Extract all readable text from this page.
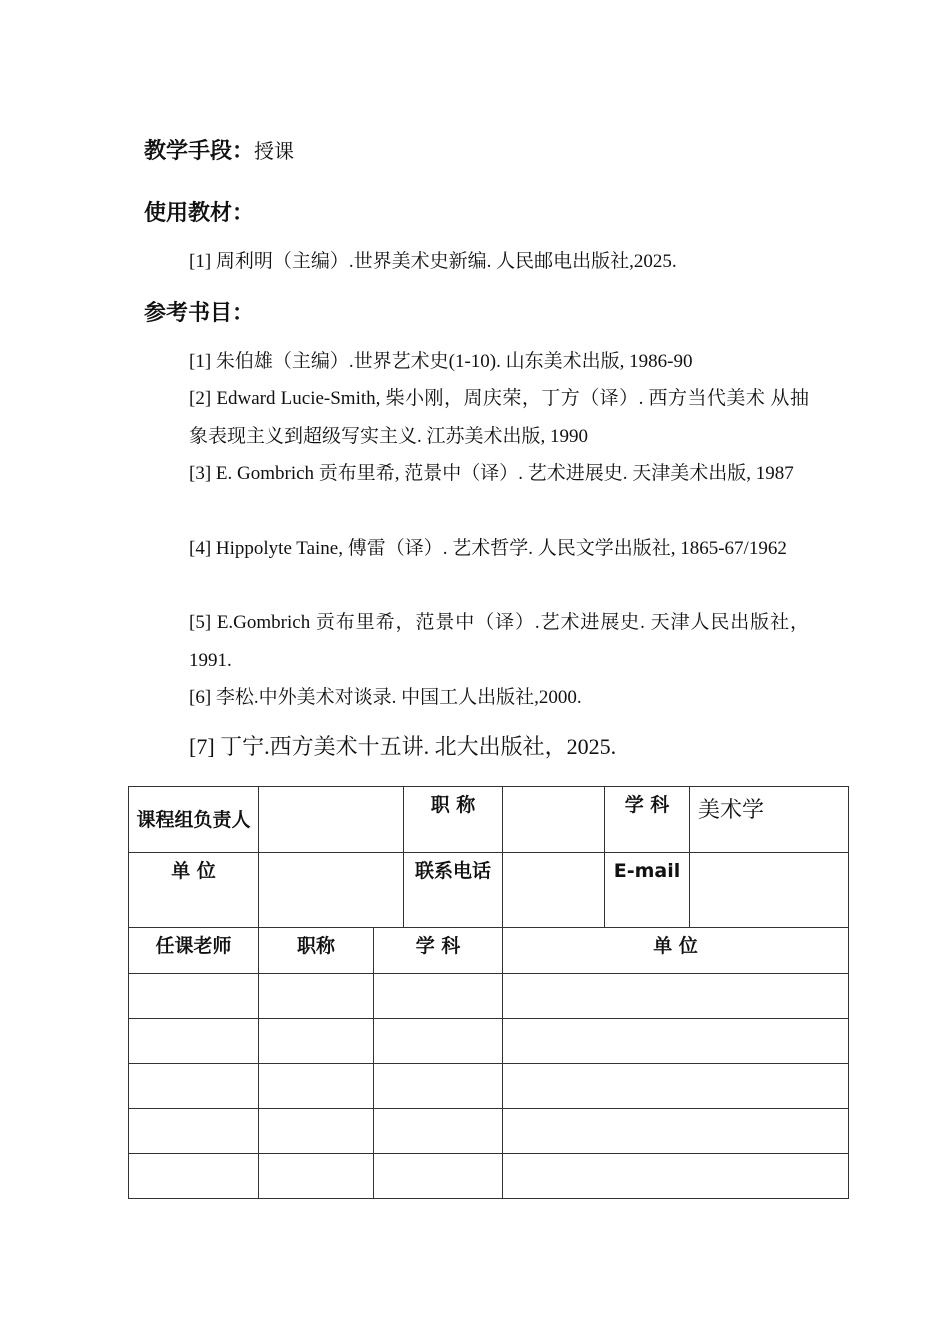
教学手段：授课
使用教材：
[1] 周利明（主编）.世界美术史新编. 人民邮电出版社,2025.
参考书目：
[1] 朱伯雄（主编）.世界艺术史(1-10). 山东美术出版, 1986-90
[2] Edward Lucie-Smith, 柴小刚，周庆荣，丁方（译）. 西方当代美术 从抽象表现主义到超级写实主义. 江苏美术出版, 1990
[3] E. Gombrich 贡布里希, 范景中（译）. 艺术进展史. 天津美术出版, 1987
[4] Hippolyte Taine, 傅雷（译）. 艺术哲学. 人民文学出版社, 1865-67/1962
[5] E.Gombrich 贡布里希，范景中（译）.艺术进展史. 天津人民出版社，1991.
[6] 李松.中外美术对谈录. 中国工人出版社,2000.
[7] 丁宁.西方美术十五讲. 北大出版社，2025.
课程组负责人			职 称		学 科	美术学
单 位			联系电话		E-mail	
任课老师	职称	学 科		单 位		
